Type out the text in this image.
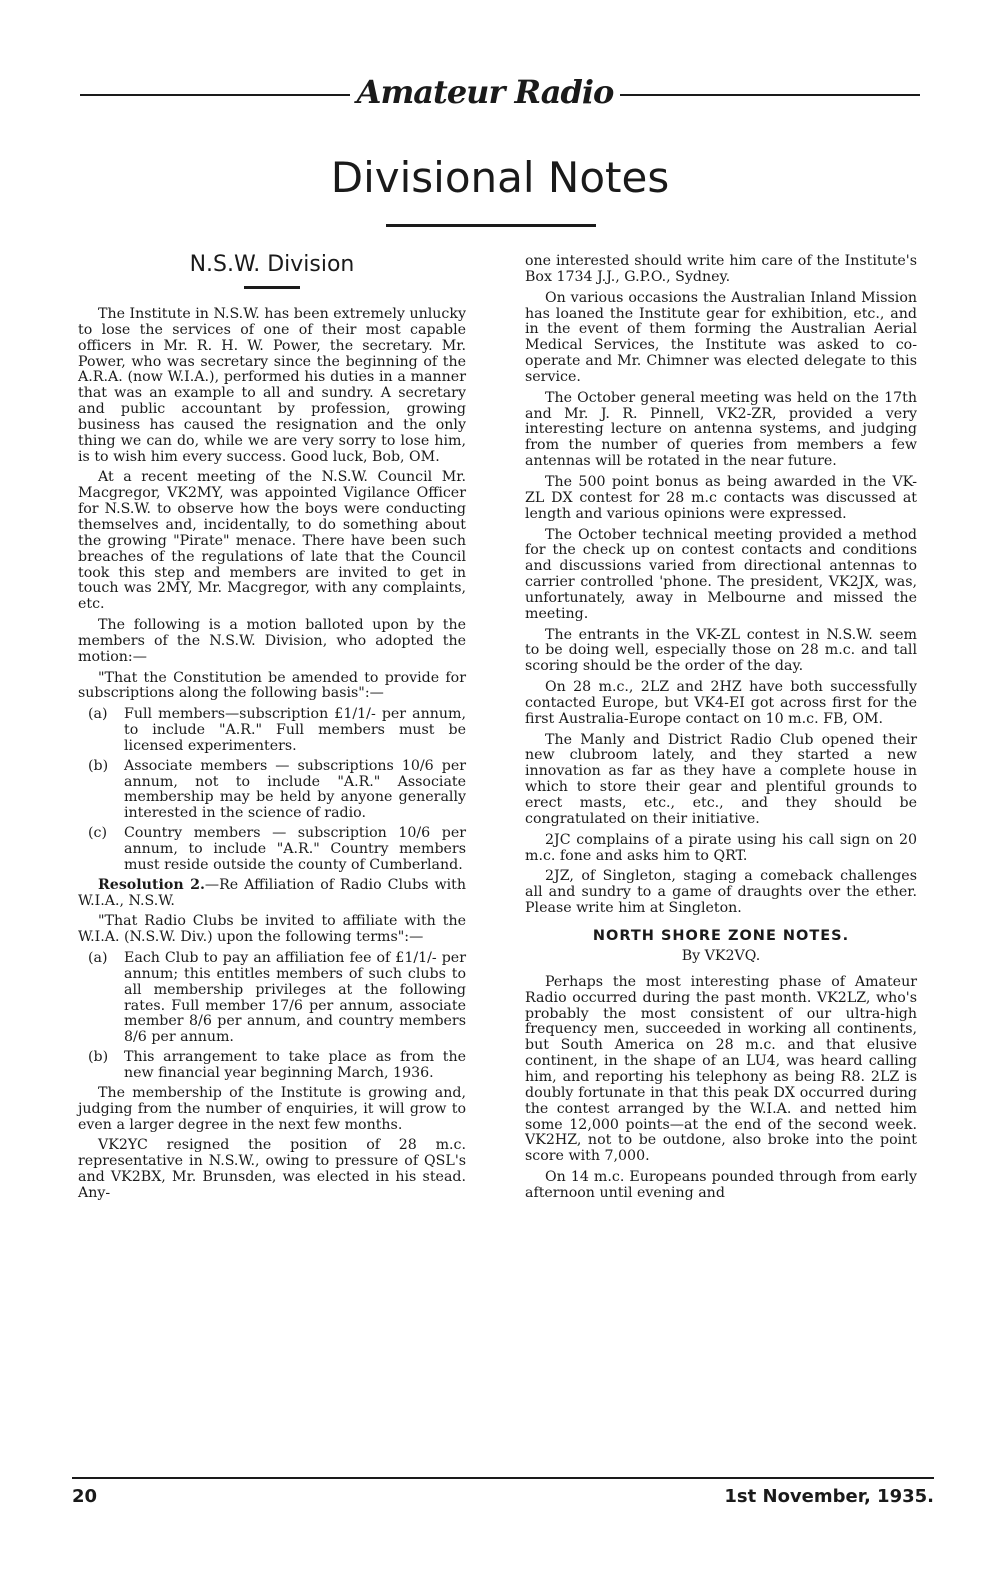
Amateur Radio
Divisional Notes
N.S.W. Division

The Institute in N.S.W. has been extremely unlucky to lose the services of one of their most capable officers in Mr. R. H. W. Power, the secretary. Mr. Power, who was secretary since the beginning of the A.R.A. (now W.I.A.), performed his duties in a manner that was an example to all and sundry. A secretary and public accountant by profession, growing business has caused the resignation and the only thing we can do, while we are very sorry to lose him, is to wish him every success. Good luck, Bob, OM.

At a recent meeting of the N.S.W. Council Mr. Macgregor, VK2MY, was appointed Vigilance Officer for N.S.W. to observe how the boys were conducting themselves and, incidentally, to do something about the growing "Pirate" menace. There have been such breaches of the regulations of late that the Council took this step and members are invited to get in touch was 2MY, Mr. Macgregor, with any complaints, etc.

The following is a motion balloted upon by the members of the N.S.W. Division, who adopted the motion:—

"That the Constitution be amended to provide for subscriptions along the following basis":—

(a)	Full members—subscription £1/1/- per annum, to include "A.R." Full members must be licensed experimenters.
(b)	Associate members — subscriptions 10/6 per annum, not to include "A.R." Associate membership may be held by anyone generally interested in the science of radio.
(c)	Country members — subscription 10/6 per annum, to include "A.R." Country members must reside outside the county of Cumberland.

Resolution 2.—Re Affiliation of Radio Clubs with W.I.A., N.S.W.

"That Radio Clubs be invited to affiliate with the W.I.A. (N.S.W. Div.) upon the following terms":—

(a)	Each Club to pay an affiliation fee of £1/1/- per annum; this entitles members of such clubs to all membership privileges at the following rates. Full member 17/6 per annum, associate member 8/6 per annum, and country members 8/6 per annum.
(b)	This arrangement to take place as from the new financial year beginning March, 1936.

The membership of the Institute is growing and, judging from the number of enquiries, it will grow to even a larger degree in the next few months.

VK2YC resigned the position of 28 m.c. representative in N.S.W., owing to pressure of QSL's and VK2BX, Mr. Brunsden, was elected in his stead. Any-

one interested should write him care of the Institute's Box 1734 J.J., G.P.O., Sydney.

On various occasions the Australian Inland Mission has loaned the Institute gear for exhibition, etc., and in the event of them forming the Australian Aerial Medical Services, the Institute was asked to co-operate and Mr. Chimner was elected delegate to this service.

The October general meeting was held on the 17th and Mr. J. R. Pinnell, VK2-ZR, provided a very interesting lecture on antenna systems, and judging from the number of queries from members a few antennas will be rotated in the near future.

The 500 point bonus as being awarded in the VK-ZL DX contest for 28 m.c contacts was discussed at length and various opinions were expressed.

The October technical meeting provided a method for the check up on contest contacts and conditions and discussions varied from directional antennas to carrier controlled 'phone. The president, VK2JX, was, unfortunately, away in Melbourne and missed the meeting.

The entrants in the VK-ZL contest in N.S.W. seem to be doing well, especially those on 28 m.c. and tall scoring should be the order of the day.

On 28 m.c., 2LZ and 2HZ have both successfully contacted Europe, but VK4-EI got across first for the first Australia-Europe contact on 10 m.c. FB, OM.

The Manly and District Radio Club opened their new clubroom lately, and they started a new innovation as far as they have a complete house in which to store their gear and plentiful grounds to erect masts, etc., etc., and they should be congratulated on their initiative.

2JC complains of a pirate using his call sign on 20 m.c. fone and asks him to QRT.

2JZ, of Singleton, staging a comeback challenges all and sundry to a game of draughts over the ether. Please write him at Singleton.

NORTH SHORE ZONE NOTES.
By VK2VQ.

Perhaps the most interesting phase of Amateur Radio occurred during the past month. VK2LZ, who's probably the most consistent of our ultra-high frequency men, succeeded in working all continents, but South America on 28 m.c. and that elusive continent, in the shape of an LU4, was heard calling him, and reporting his telephony as being R8. 2LZ is doubly fortunate in that this peak DX occurred during the contest arranged by the W.I.A. and netted him some 12,000 points—at the end of the second week. VK2HZ, not to be outdone, also broke into the point score with 7,000.

On 14 m.c. Europeans pounded through from early afternoon until evening and

20	1st November, 1935.
